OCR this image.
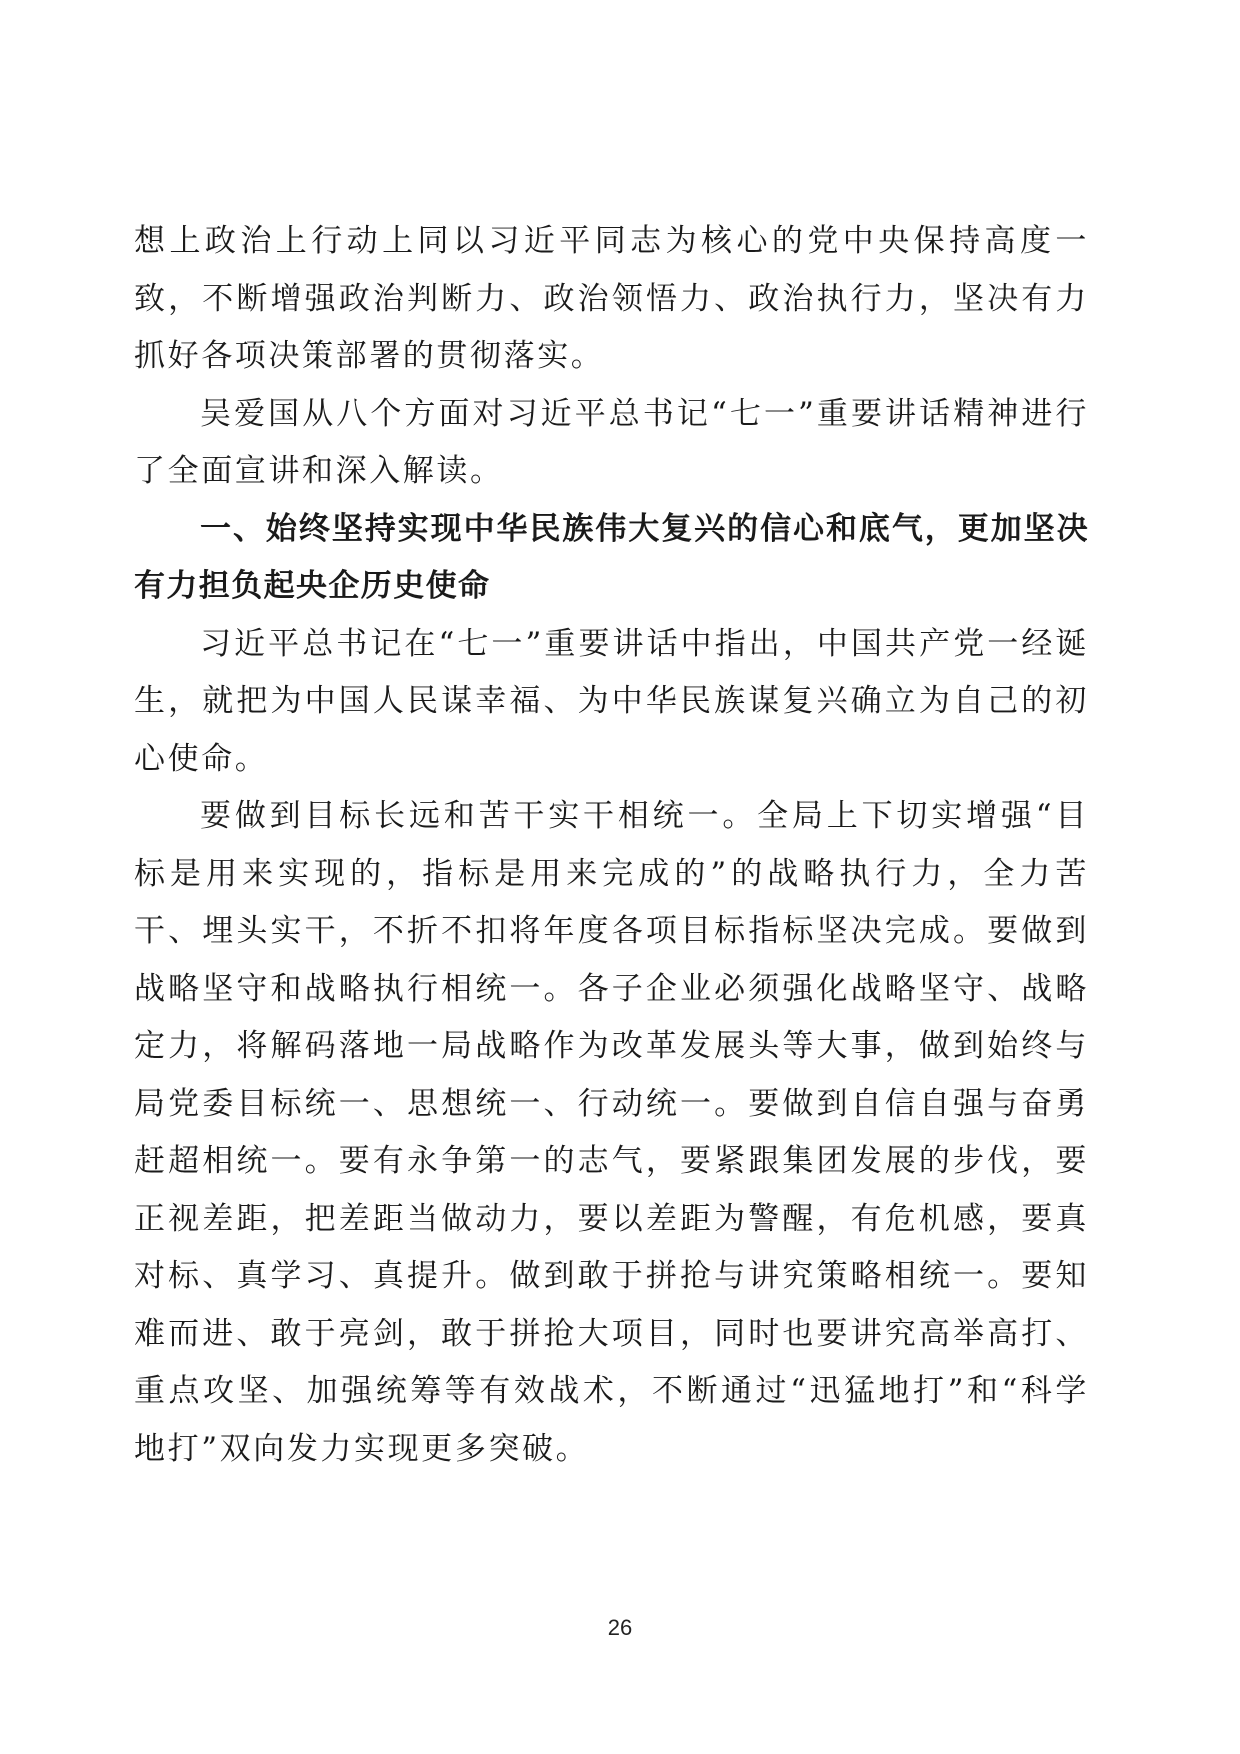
想上政治上行动上同以习近平同志为核心的党中央保持高度一致，不断增强政治判断力、政治领悟力、政治执行力，坚决有力抓好各项决策部署的贯彻落实。

吴爱国从八个方面对习近平总书记“七一”重要讲话精神进行了全面宣讲和深入解读。

一、始终坚持实现中华民族伟大复兴的信心和底气，更加坚决有力担负起央企历史使命

习近平总书记在“七一”重要讲话中指出，中国共产党一经诞生，就把为中国人民谋幸福、为中华民族谋复兴确立为自己的初心使命。

要做到目标长远和苦干实干相统一。全局上下切实增强“目标是用来实现的，指标是用来完成的”的战略执行力，全力苦干、埋头实干，不折不扣将年度各项目标指标坚决完成。要做到战略坚守和战略执行相统一。各子企业必须强化战略坚守、战略定力，将解码落地一局战略作为改革发展头等大事，做到始终与局党委目标统一、思想统一、行动统一。要做到自信自强与奋勇赶超相统一。要有永争第一的志气，要紧跟集团发展的步伐，要正视差距，把差距当做动力，要以差距为警醒，有危机感，要真对标、真学习、真提升。做到敢于拼抢与讲究策略相统一。要知难而进、敢于亮剑，敢于拼抢大项目，同时也要讲究高举高打、重点攻坚、加强统筹等有效战术，不断通过“迅猛地打”和“科学地打”双向发力实现更多突破。

26
